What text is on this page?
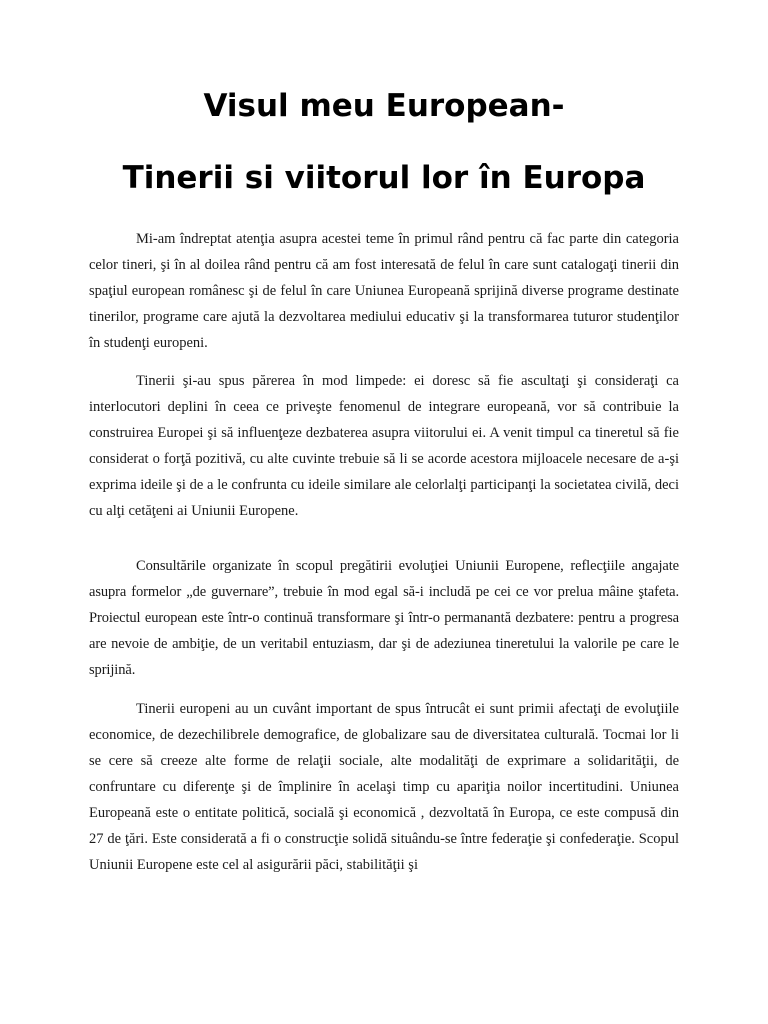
Visul meu European-
Tinerii si viitorul lor în Europa

Mi-am îndreptat atenţia asupra acestei teme în primul rând pentru că fac parte din categoria celor tineri, şi în al doilea rând pentru că am fost interesată de felul în care sunt catalogaţi tinerii din spaţiul european românesc şi de felul în care Uniunea Europeană sprijină diverse programe destinate tinerilor, programe care ajută la dezvoltarea mediului educativ şi la transformarea tuturor studenţilor în studenţi europeni.

Tinerii şi-au spus părerea în mod limpede: ei doresc să fie ascultaţi şi consideraţi ca interlocutori deplini în ceea ce priveşte fenomenul de integrare europeană, vor să contribuie la construirea Europei şi să influenţeze dezbaterea asupra viitorului ei. A venit timpul ca tineretul să fie considerat o forţă pozitivă, cu alte cuvinte trebuie să li se acorde acestora mijloacele necesare de a-şi exprima ideile şi de a le confrunta cu ideile similare ale celorlalţi participanţi la societatea civilă, deci cu alţi cetăţeni ai Uniunii Europene.

Consultările organizate în scopul pregătirii evoluţiei Uniunii Europene, reflecţiile angajate asupra formelor „de guvernare”, trebuie în mod egal să-i includă pe cei ce vor prelua mâine ştafeta. Proiectul european este într-o continuă transformare şi într-o permanantă dezbatere: pentru a progresa are nevoie de ambiţie, de un veritabil entuziasm, dar şi de adeziunea tineretului la valorile pe care le sprijină.

Tinerii europeni au un cuvânt important de spus întrucât ei sunt primii afectaţi de evoluţiile economice, de dezechilibrele demografice, de globalizare sau de diversitatea culturală. Tocmai lor li se cere să creeze alte forme de relaţii sociale, alte modalităţi de exprimare a solidarităţii, de confruntare cu diferenţe şi de împlinire în acelaşi timp cu apariţia noilor incertitudini. Uniunea Europeană este o entitate politică, socială şi economică , dezvoltată în Europa, ce este compusă din 27 de ţări. Este considerată a fi o construcţie solidă situându-se între federaţie şi confederaţie. Scopul Uniunii Europene este cel al asigurării păci, stabilităţii şi
